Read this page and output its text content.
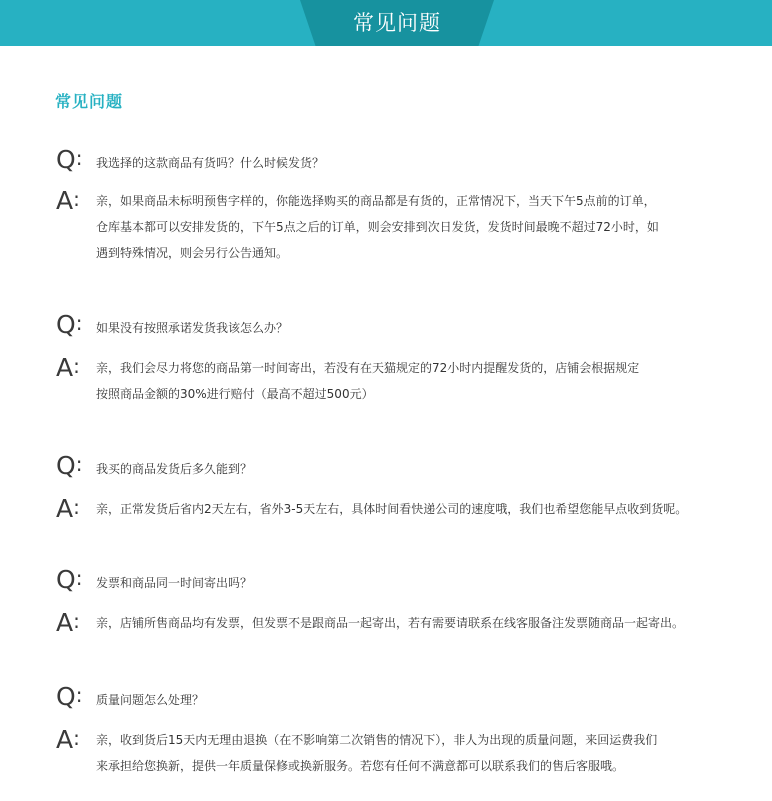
常见问题
常见问题
Q: 我选择的这款商品有货吗？什么时候发货？
A: 亲，如果商品未标明预售字样的，你能选择购买的商品都是有货的，正常情况下，当天下午5点前的订单，
仓库基本都可以安排发货的，下午5点之后的订单，则会安排到次日发货，发货时间最晚不超过72小时，如
遇到特殊情况，则会另行公告通知。
Q: 如果没有按照承诺发货我该怎么办？
A: 亲，我们会尽力将您的商品第一时间寄出，若没有在天猫规定的72小时内提醒发货的，店铺会根据规定
按照商品金额的30%进行赔付（最高不超过500元）
Q: 我买的商品发货后多久能到？
A: 亲，正常发货后省内2天左右，省外3-5天左右，具体时间看快递公司的速度哦，我们也希望您能早点收到货呢。
Q: 发票和商品同一时间寄出吗？
A: 亲，店铺所售商品均有发票，但发票不是跟商品一起寄出，若有需要请联系在线客服备注发票随商品一起寄出。
Q: 质量问题怎么处理？
A: 亲，收到货后15天内无理由退换（在不影响第二次销售的情况下），非人为出现的质量问题，来回运费我们
来承担给您换新，提供一年质量保修或换新服务。若您有任何不满意都可以联系我们的售后客服哦。
